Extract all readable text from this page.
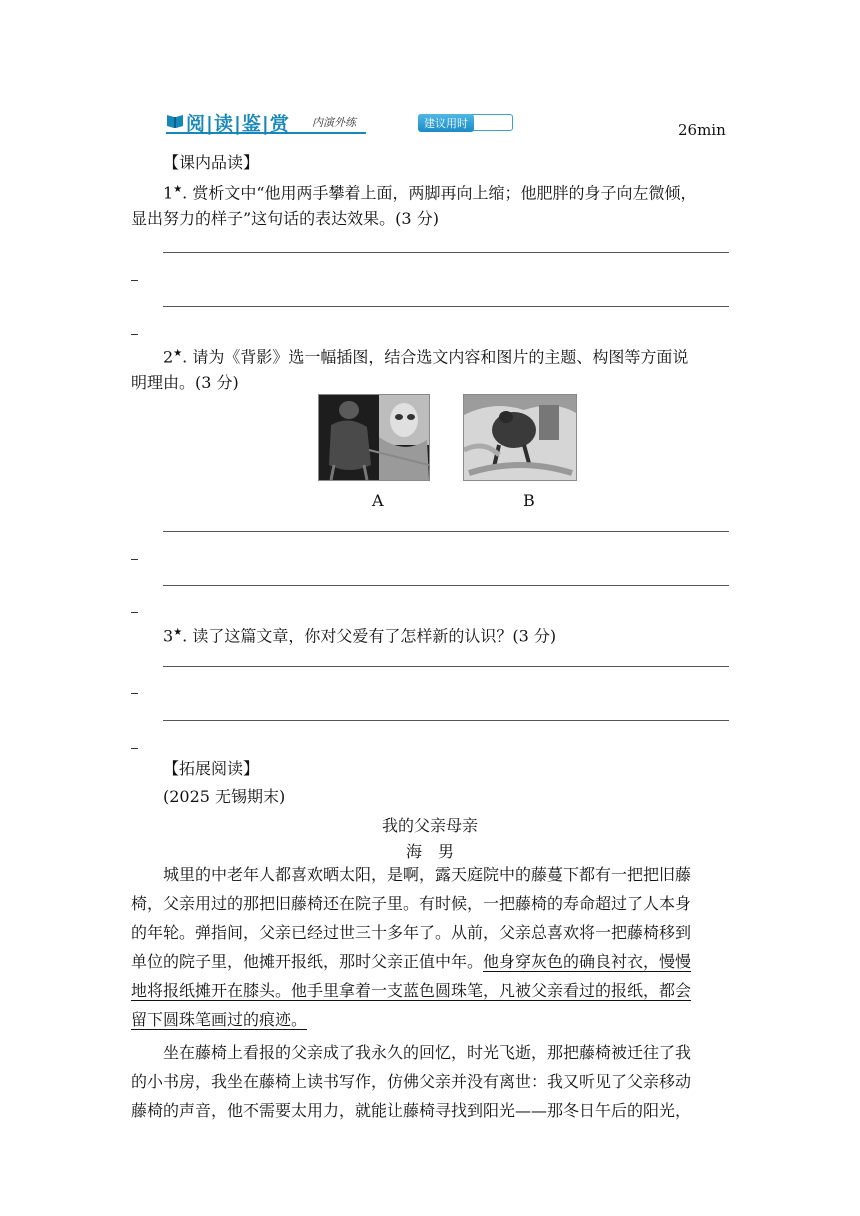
阅|读|鉴|赏 内演外练	建议用时	26min
【课内品读】
1★. 赏析文中“他用两手攀着上面，两脚再向上缩；他肥胖的身子向左微倾，
显出努力的样子”这句话的表达效果。(3 分)
2★. 请为《背影》选一幅插图，结合选文内容和图片的主题、构图等方面说
明理由。(3 分)
A	B
3★. 读了这篇文章，你对父爱有了怎样新的认识？(3 分)
【拓展阅读】
(2025 无锡期末)
我的父亲母亲
海　男
城里的中老年人都喜欢晒太阳，是啊，露天庭院中的藤蔓下都有一把把旧藤
椅，父亲用过的那把旧藤椅还在院子里。有时候，一把藤椅的寿命超过了人本身
的年轮。弹指间，父亲已经过世三十多年了。从前，父亲总喜欢将一把藤椅移到
单位的院子里，他摊开报纸，那时父亲正值中年。他身穿灰色的确良衬衣，慢慢
地将报纸摊开在膝头。他手里拿着一支蓝色圆珠笔，凡被父亲看过的报纸，都会
留下圆珠笔画过的痕迹。
坐在藤椅上看报的父亲成了我永久的回忆，时光飞逝，那把藤椅被迁往了我
的小书房，我坐在藤椅上读书写作，仿佛父亲并没有离世：我又听见了父亲移动
藤椅的声音，他不需要太用力，就能让藤椅寻找到阳光——那冬日午后的阳光，
